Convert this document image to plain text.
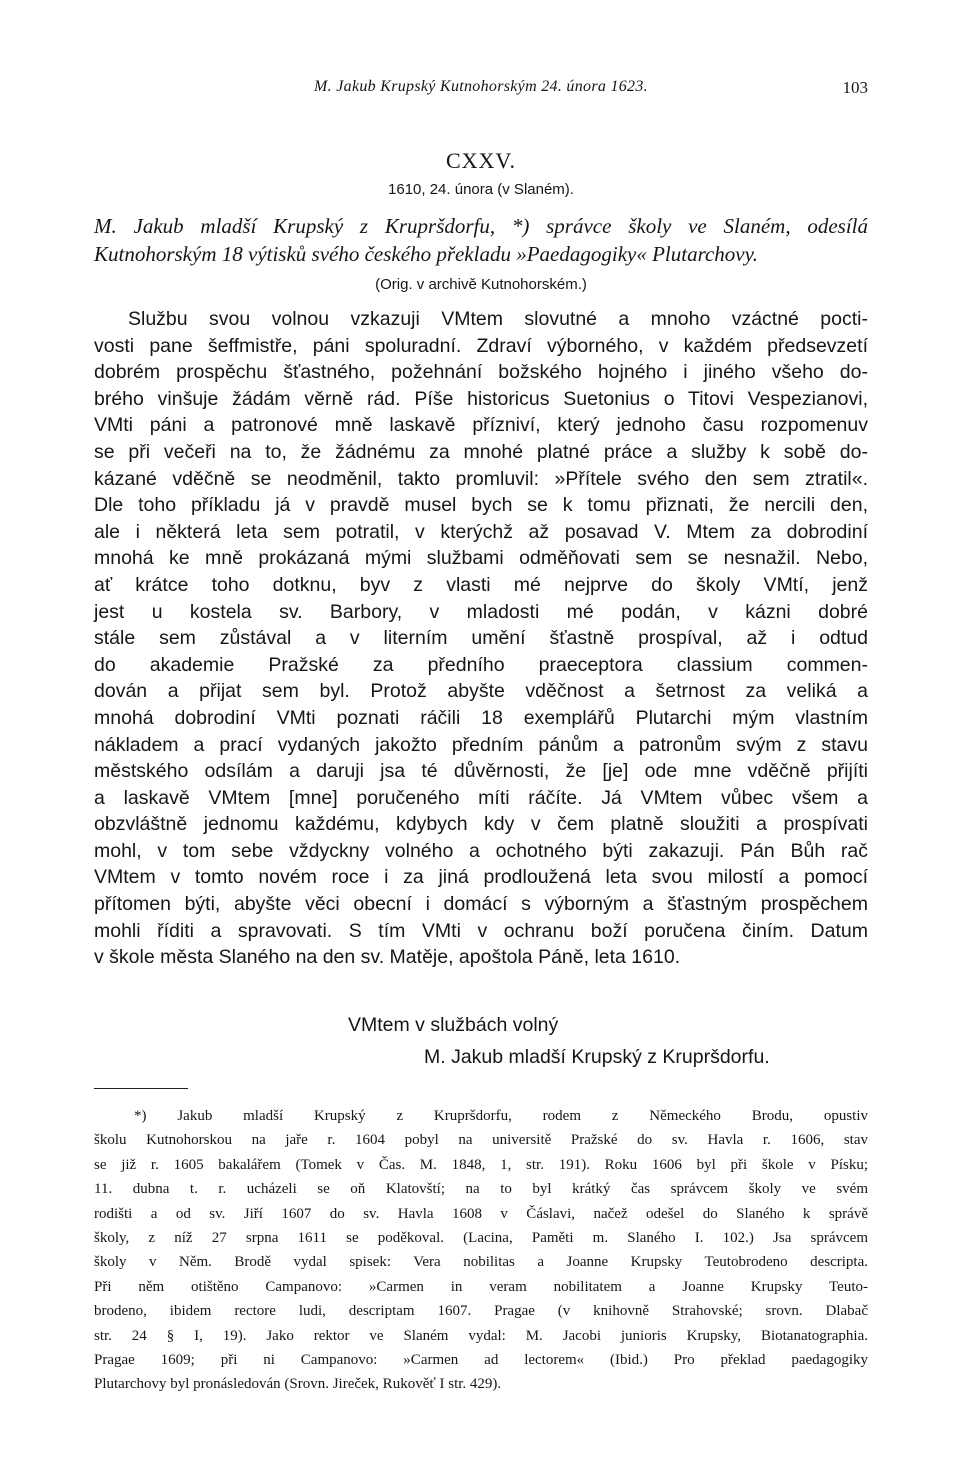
M. Jakub Krupský Kutnohorským 24. února 1623.	103
CXXV.
1610, 24. února (v Slaném).
M. Jakub mladší Krupský z Krupršdorfu, *) správce školy ve Slaném, odesílá
Kutnohorským 18 výtisků svého českého překladu »Paedagogiky« Plutarchovy.
(Orig. v archivě Kutnohorském.)
Službu svou volnou vzkazuji VMtem slovutné a mnoho vzáctné pocti-
vosti pane šeffmistře, páni spoluradní. Zdraví výborného, v každém předsevzetí
dobrém prospěchu šťastného, požehnání božského hojného i jiného všeho do-
brého vinšuje žádám věrně rád. Píše historicus Suetonius o Titovi Vespezianovi,
VMti páni a patronové mně laskavě přízniví, který jednoho času rozpomenuv
se při večeři na to, že žádnému za mnohé platné práce a služby k sobě do-
kázané vděčně se neodměnil, takto promluvil: »Přítele svého den sem ztratil«.
Dle toho příkladu já v pravdě musel bych se k tomu přiznati, že nercili den,
ale i některá leta sem potratil, v kterýchž až posavad V. Mtem za dobrodiní
mnohá ke mně prokázaná mými službami odměňovati sem se nesnažil. Nebo,
ať krátce toho dotknu, byv z vlasti mé nejprve do školy VMtí, jenž
jest u kostela sv. Barbory, v mladosti mé podán, v kázni dobré
stále sem zůstával a v literním umění šťastně prospíval, až i odtud
do akademie Pražské za předního praeceptora classium commen-
dován a přijat sem byl. Protož abyšte vděčnost a šetrnost za veliká a
mnohá dobrodiní VMti poznati ráčili 18 exemplářů Plutarchi mým vlastním
nákladem a prací vydaných jakožto předním pánům a patronům svým z stavu
městského odsílám a daruji jsa té důvěrnosti, že [je] ode mne vděčně přijíti
a laskavě VMtem [mne] poručeného míti ráčíte. Já VMtem vůbec všem a
obzvláštně jednomu každému, kdybych kdy v čem platně sloužiti a prospívati
mohl, v tom sebe vždyckny volného a ochotného býti zakazuji. Pán Bůh rač
VMtem v tomto novém roce i za jiná prodloužená leta svou milostí a pomocí
přítomen býti, abyšte věci obecní i domácí s výborným a šťastným prospěchem
mohli říditi a spravovati. S tím VMti v ochranu boží poručena činím. Datum
v škole města Slaného na den sv. Matěje, apoštola Páně, leta 1610.
VMtem v službách volný
M. Jakub mladší Krupský z Krupršdorfu.
*) Jakub mladší Krupský z Krupršdorfu, rodem z Německého Brodu, opustiv
školu Kutnohorskou na jaře r. 1604 pobyl na universitě Pražské do sv. Havla r. 1606, stav
se již r. 1605 bakalářem (Tomek v Čas. M. 1848, 1, str. 191). Roku 1606 byl při škole v Písku;
11. dubna t. r. ucházeli se oň Klatovští; na to byl krátký čas správcem školy ve svém
rodišti a od sv. Jiří 1607 do sv. Havla 1608 v Čáslavi, načež odešel do Slaného k správě
školy, z níž 27 srpna 1611 se poděkoval. (Lacina, Paměti m. Slaného I. 102.) Jsa správcem
školy v Něm. Brodě vydal spisek: Vera nobilitas a Joanne Krupsky Teutobrodeno descripta.
Při něm otištěno Campanovo: »Carmen in veram nobilitatem a Joanne Krupsky Teuto-
brodeno, ibidem rectore ludi, descriptam 1607. Pragae (v knihovně Strahovské; srovn. Dlabač
str. 24 § I, 19). Jako rektor ve Slaném vydal: M. Jacobi junioris Krupsky, Biotanatographia.
Pragae 1609; při ni Campanovo: »Carmen ad lectorem« (Ibid.) Pro překlad paedagogiky
Plutarchovy byl pronásledován (Srovn. Jireček, Rukověť I str. 429).
